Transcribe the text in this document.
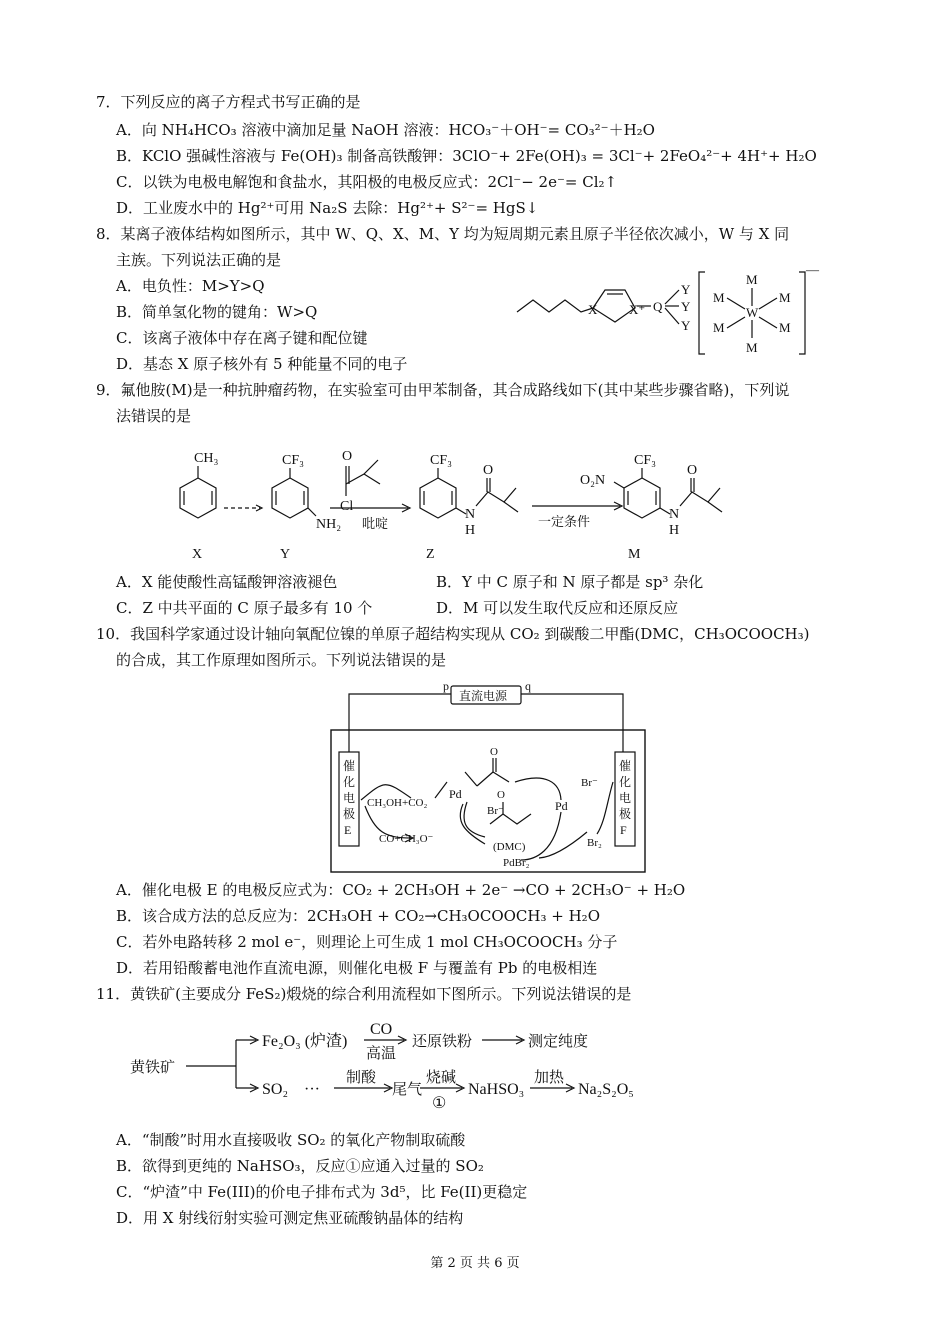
7．下列反应的离子方程式书写正确的是
A．向 NH₄HCO₃ 溶液中滴加足量 NaOH 溶液：HCO₃⁻＋OH⁻= CO₃²⁻＋H₂O
B．KClO 强碱性溶液与 Fe(OH)₃ 制备高铁酸钾：3ClO⁻+ 2Fe(OH)₃ = 3Cl⁻+ 2FeO₄²⁻+ 4H⁺+ H₂O
C．以铁为电极电解饱和食盐水，其阳极的电极反应式：2Cl⁻− 2e⁻= Cl₂↑
D．工业废水中的 Hg²⁺可用 Na₂S 去除：Hg²⁺+ S²⁻= HgS↓
8．某离子液体结构如图所示，其中 W、Q、X、M、Y 均为短周期元素且原子半径依次减小，W 与 X 同
主族。下列说法正确的是
A．电负性：M>Y>Q
B．简单氢化物的键角：W>Q
C．该离子液体中存在离子键和配位键
D．基态 X 原子核外有 5 种能量不同的电子
X X⁺ Q
Y
Y
Y
M
M	M
W
M	M
M
—
9．氟他胺(M)是一种抗肿瘤药物，在实验室可由甲苯制备，其合成路线如下(其中某些步骤省略)，下列说
法错误的是
CH₃	CF₃
NH₂
O
Cl
吡啶
CF₃
N
H
O
一定条件
O₂N
CF₃
N
H
O
X	Y	Z	M
A．X 能使酸性高锰酸钾溶液褪色	B．Y 中 C 原子和 N 原子都是 sp³ 杂化
C．Z 中共平面的 C 原子最多有 10 个	D．M 可以发生取代反应和还原反应
10．我国科学家通过设计轴向氧配位镍的单原子超结构实现从 CO₂ 到碳酸二甲酯(DMC，CH₃OCOOCH₃)
的合成，其工作原理如图所示。下列说法错误的是
p	q
直流电源
催
化
电
极
E
催
化
电
极
F
CH₃OH+CO₂
CO+CH₃O⁻
Pd
O
Pd
Br⁻
Br⁻
Br₂
O
(DMC)
PdBr₂
A．催化电极 E 的电极反应式为：CO₂ + 2CH₃OH + 2e⁻ →CO + 2CH₃O⁻ + H₂O
B．该合成方法的总反应为：2CH₃OH + CO₂→CH₃OCOOCH₃ + H₂O
C．若外电路转移 2 mol e⁻，则理论上可生成 1 mol CH₃OCOOCH₃ 分子
D．若用铅酸蓄电池作直流电源，则催化电极 F 与覆盖有 Pb 的电极相连
11．黄铁矿(主要成分 FeS₂)煅烧的综合利用流程如下图所示。下列说法错误的是
黄铁矿
Fe₂O₃ (炉渣)
CO
高温
还原铁粉	测定纯度
SO₂ ···
制酸
尾气
烧碱
①
NaHSO₃
加热
Na₂S₂O₅
A．“制酸”时用水直接吸收 SO₂ 的氧化产物制取硫酸
B．欲得到更纯的 NaHSO₃，反应①应通入过量的 SO₂
C．“炉渣”中 Fe(III)的价电子排布式为 3d⁵，比 Fe(II)更稳定
D．用 X 射线衍射实验可测定焦亚硫酸钠晶体的结构
第 2 页 共 6 页
